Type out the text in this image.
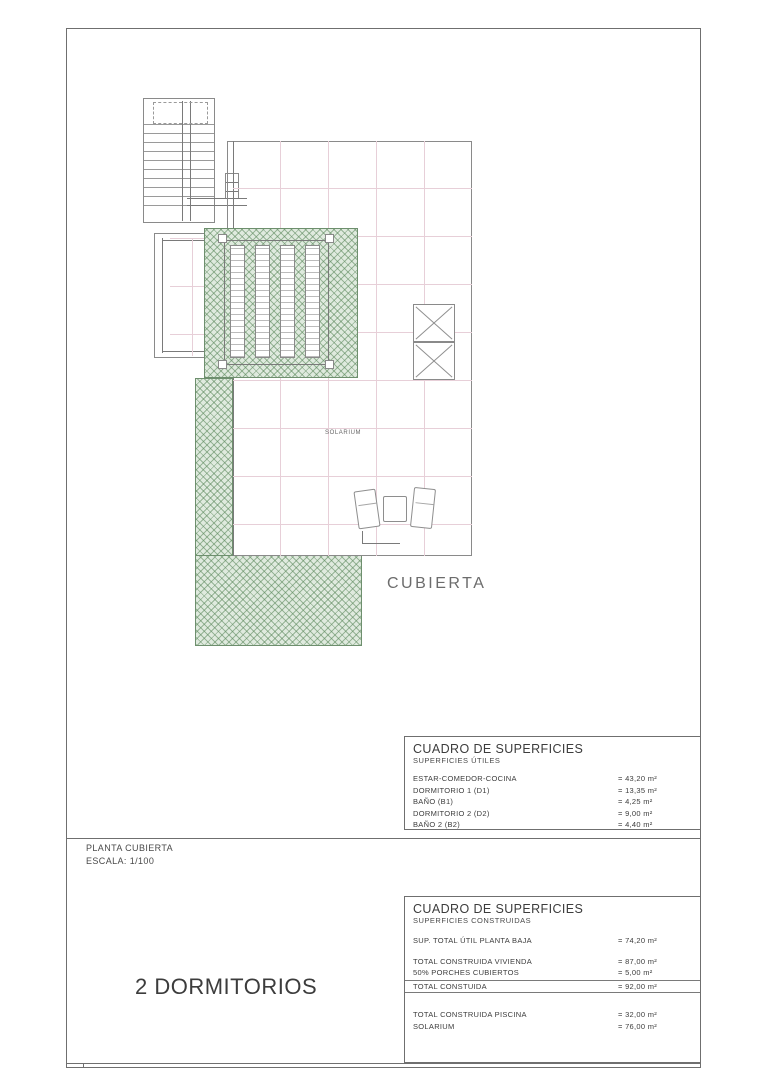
SOLARIUM
CUBIERTA
PLANTA CUBIERTA
ESCALA: 1/100
2 DORMITORIOS
CUADRO DE SUPERFICIES
SUPERFICIES ÚTILES
ESTAR-COMEDOR-COCINA	= 43,20 m²
DORMITORIO 1 (D1)	= 13,35 m²
BAÑO (B1)	= 4,25 m²
DORMITORIO 2 (D2)	= 9,00 m²
BAÑO 2 (B2)	= 4,40 m²
CUADRO DE SUPERFICIES
SUPERFICIES CONSTRUIDAS
SUP. TOTAL ÚTIL PLANTA BAJA	= 74,20 m²
TOTAL CONSTRUIDA VIVIENDA	= 87,00 m²
50% PORCHES CUBIERTOS	= 5,00 m²
TOTAL CONSTUIDA	= 92,00 m²
TOTAL CONSTRUIDA PISCINA	= 32,00 m²
SOLARIUM	= 76,00 m²
